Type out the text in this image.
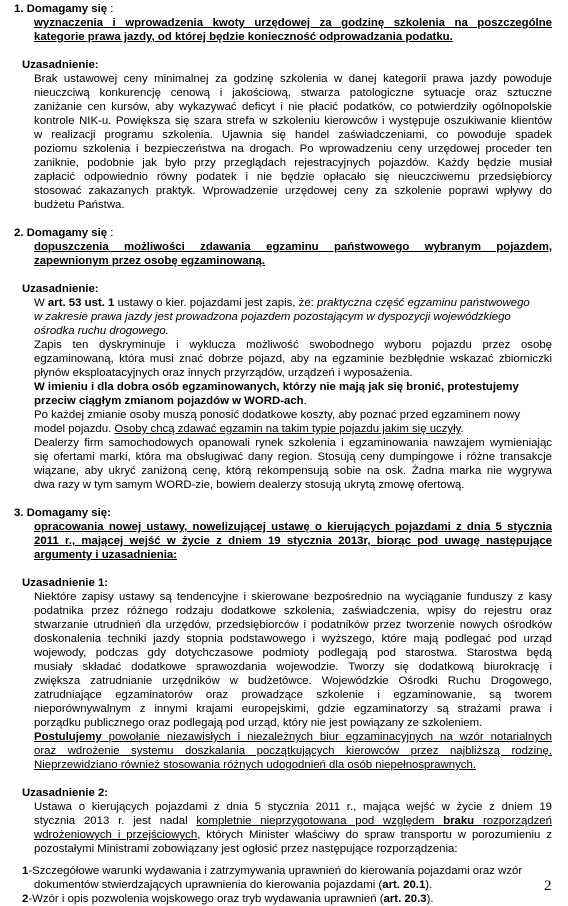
1. Domagamy się :
wyznaczenia i wprowadzenia kwoty urzędowej za godzinę szkolenia na poszczególne
kategorie prawa jazdy, od której będzie konieczność odprowadzania podatku.
Uzasadnienie:
Brak ustawowej ceny minimalnej za godzinę szkolenia w danej kategorii prawa jazdy powoduje
nieuczciwą konkurencję cenową i jakościową, stwarza patologiczne sytuacje oraz sztuczne
zaniżanie cen kursów, aby wykazywać deficyt i nie płacić podatków, co potwierdziły ogólnopolskie
kontrole NIK-u. Powiększa się szara strefa w szkoleniu kierowców i występuje oszukiwanie klientów
w realizacji programu szkolenia. Ujawnia się handel zaświadczeniami, co powoduje spadek
poziomu szkolenia i bezpieczeństwa na drogach. Po wprowadzeniu ceny urzędowej proceder ten
zaniknie, podobnie jak było przy przeglądach rejestracyjnych pojazdów. Każdy będzie musiał
zapłacić odpowiednio równy podatek i nie będzie opłacało się nieuczciwemu przedsiębiorcy
stosować zakazanych praktyk. Wprowadzenie urzędowej ceny za szkolenie poprawi wpływy do
budżetu Państwa.
2. Domagamy się :
dopuszczenia możliwości zdawania egzaminu państwowego wybranym pojazdem,
zapewnionym przez osobę egzaminowaną.
Uzasadnienie:
W art. 53 ust. 1 ustawy o kier. pojazdami jest zapis, że: praktyczna część egzaminu państwowego
w zakresie prawa jazdy jest prowadzona pojazdem pozostającym w dyspozycji wojewódzkiego
ośrodka ruchu drogowego.
Zapis ten dyskryminuje i wyklucza możliwość swobodnego wyboru pojazdu przez osobę
egzaminowaną, która musi znać dobrze pojazd, aby na egzaminie bezbłędnie wskazać zbiorniczki
płynów eksploatacyjnych oraz innych przyrządów, urządzeń i wyposażenia.
W imieniu i dla dobra osób egzaminowanych, którzy nie mają jak się bronić, protestujemy
przeciw ciągłym zmianom pojazdów w WORD-ach.
Po każdej zmianie osoby muszą ponosić dodatkowe koszty, aby poznać przed egzaminem nowy
model pojazdu. Osoby chcą zdawać egzamin na takim typie pojazdu jakim się uczyły.
Dealerzy firm samochodowych opanowali rynek szkolenia i egzaminowania nawzajem wymieniając
się ofertami marki, która ma obsługiwać dany region. Stosują ceny dumpingowe i różne transakcje
wiązane, aby ukryć zaniżoną cenę, którą rekompensują sobie na osk. Żadna marka nie wygrywa
dwa razy w tym samym WORD-zie, bowiem dealerzy stosują ukrytą zmowę ofertową.
3. Domagamy się:
opracowania nowej ustawy, nowelizującej ustawę o kierujących pojazdami z dnia 5 stycznia
2011 r., mającej wejść w życie z dniem 19 stycznia 2013r, biorąc pod uwagę następujące
argumenty i uzasadnienia:
Uzasadnienie 1:
Niektóre zapisy ustawy są tendencyjne i skierowane bezpośrednio na wyciąganie funduszy z kasy
podatnika przez różnego rodzaju dodatkowe szkolenia, zaświadczenia, wpisy do rejestru oraz
stwarzanie utrudnień dla urzędów, przedsiębiorców i podatników przez tworzenie nowych ośrodków
doskonalenia techniki jazdy stopnia podstawowego i wyższego, które mają podlegać pod urząd
wojewody, podczas gdy dotychczasowe podmioty podlegają pod starostwa. Starostwa będą
musiały składać dodatkowe sprawozdania wojewodzie. Tworzy się dodatkową biurokrację i
zwiększa zatrudnianie urzędników w budżetówce. Wojewódzkie Ośrodki Ruchu Drogowego,
zatrudniające egzaminatorów oraz prowadzące szkolenie i egzaminowanie, są tworem
nieporównywalnym z innymi krajami europejskimi, gdzie egzaminatorzy są strażami prawa i
porządku publicznego oraz podlegają pod urząd, który nie jest powiązany ze szkoleniem.
Postulujemy powołanie niezawisłych i niezależnych biur egzaminacyjnych na wzór notarialnych
oraz wdrożenie systemu doszkalania początkujących kierowców przez najbliższą rodzinę.
Nieprzewidziano również stosowania różnych udogodnień dla osób niepełnosprawnych.
Uzasadnienie 2:
Ustawa o kierujących pojazdami z dnia 5 stycznia 2011 r., mająca wejść w życie z dniem 19
stycznia 2013 r. jest nadal kompletnie nieprzygotowana pod względem braku rozporządzeń
wdrożeniowych i przejściowych, których Minister właściwy do spraw transportu w porozumieniu z
pozostałymi Ministrami zobowiązany jest ogłosić przez następujące rozporządzenia:
1-Szczegółowe warunki wydawania i zatrzymywania uprawnień do kierowania pojazdami oraz wzór
dokumentów stwierdzających uprawnienia do kierowania pojazdami (art. 20.1).
2-Wzór i opis pozwolenia wojskowego oraz tryb wydawania uprawnień (art. 20.3).
2
